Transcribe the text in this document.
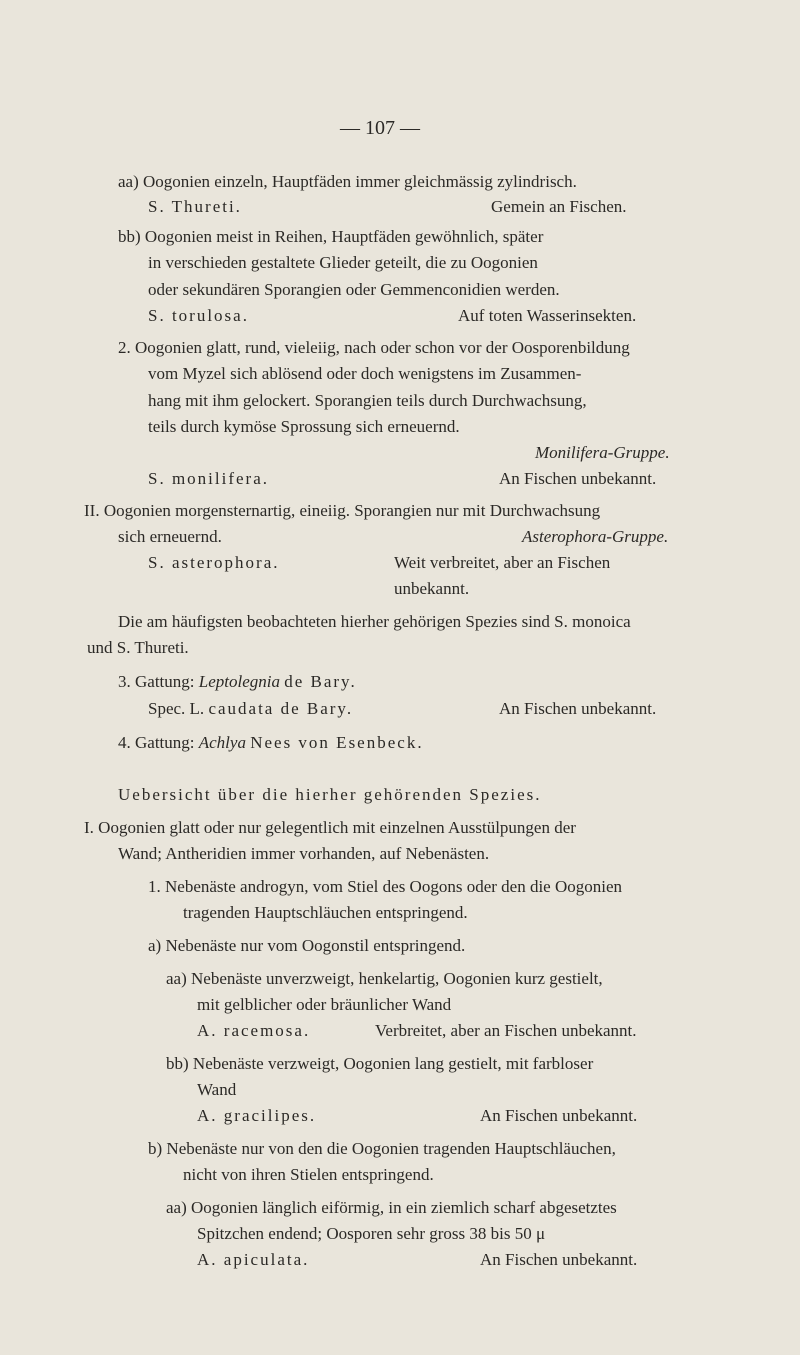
— 107 —
aa) Oogonien einzeln, Hauptfäden immer gleichmässig zylindrisch.
S. Thureti.	Gemein an Fischen.
bb) Oogonien meist in Reihen, Hauptfäden gewöhnlich, später
in verschieden gestaltete Glieder geteilt, die zu Oogonien
oder sekundären Sporangien oder Gemmenconidien werden.
S. torulosa.	Auf toten Wasserinsekten.
2. Oogonien glatt, rund, vieleiig, nach oder schon vor der Oosporenbildung
vom Myzel sich ablösend oder doch wenigstens im Zusammen-
hang mit ihm gelockert. Sporangien teils durch Durchwachsung,
teils durch kymöse Sprossung sich erneuernd.
Monilifera-Gruppe.
S. monilifera.	An Fischen unbekannt.
II. Oogonien morgensternartig, eineiig. Sporangien nur mit Durchwachsung
sich erneuernd.	Asterophora-Gruppe.
S. asterophora.	Weit verbreitet, aber an Fischen
unbekannt.
Die am häufigsten beobachteten hierher gehörigen Spezies sind S. monoica
und S. Thureti.
3. Gattung: Leptolegnia de Bary.
Spec. L. caudata de Bary.	An Fischen unbekannt.
4. Gattung: Achlya Nees von Esenbeck.
Uebersicht über die hierher gehörenden Spezies.
I. Oogonien glatt oder nur gelegentlich mit einzelnen Ausstülpungen der
Wand; Antheridien immer vorhanden, auf Nebenästen.
1. Nebenäste androgyn, vom Stiel des Oogons oder den die Oogonien
tragenden Hauptschläuchen entspringend.
a) Nebenäste nur vom Oogonstil entspringend.
aa) Nebenäste unverzweigt, henkelartig, Oogonien kurz gestielt,
mit gelblicher oder bräunlicher Wand
A. racemosa.	Verbreitet, aber an Fischen unbekannt.
bb) Nebenäste verzweigt, Oogonien lang gestielt, mit farbloser
Wand
A. gracilipes.	An Fischen unbekannt.
b) Nebenäste nur von den die Oogonien tragenden Hauptschläuchen,
nicht von ihren Stielen entspringend.
aa) Oogonien länglich eiförmig, in ein ziemlich scharf abgesetztes
Spitzchen endend; Oosporen sehr gross 38 bis 50 μ
A. apiculata.	An Fischen unbekannt.
